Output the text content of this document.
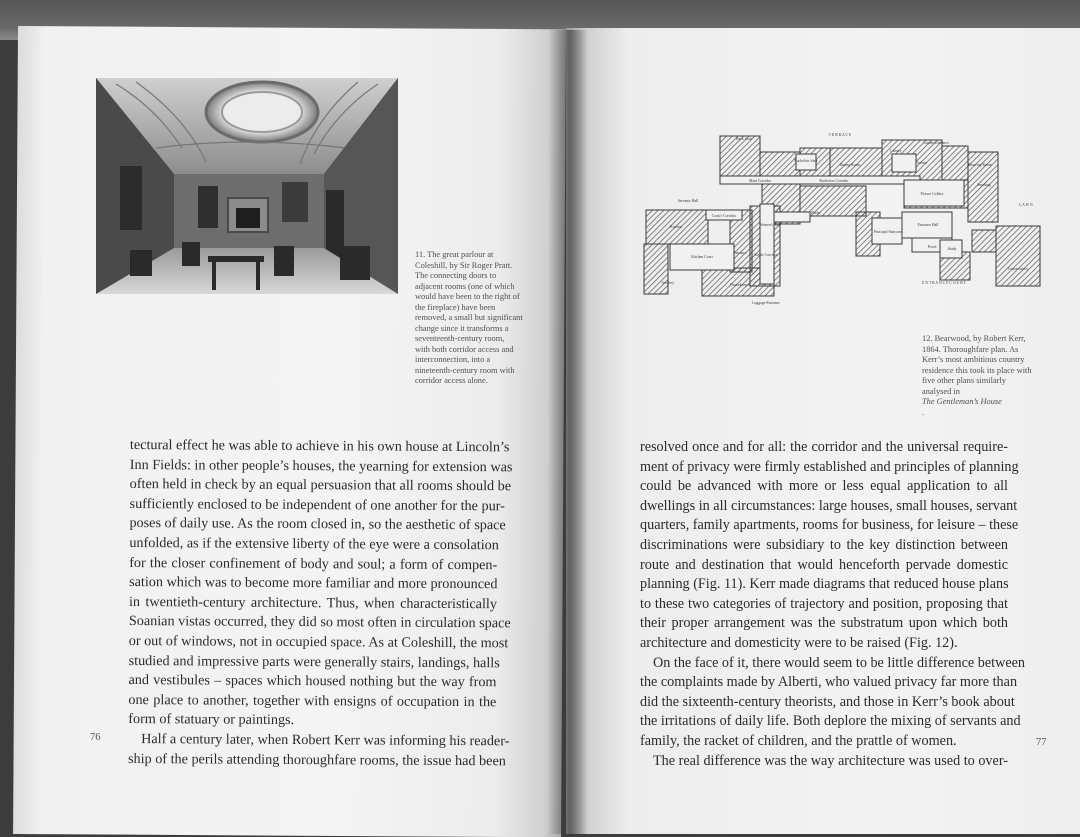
11. The great parlour at
Coleshill, by Sir Roger Pratt.
The connecting doors to
adjacent rooms (one of which
would have been to the right of
the fireplace) have been
removed, a small but significant
change since it transforms a
seventeenth-century room,
with both corridor access and
interconnection, into a
nineteenth-century room with
corridor access alone.
T E R R A C E
L A W N
E N T R A N C E C O U R T
Back Stair
Garden Entrance
Main Corridor	Bachelors Corridor
Bachelors Stair
Dining Room
Library
Saloon	Drawing Room
Picture Gallery
Entrance Hall
Principal Staircase
Porch	Study
Conservatory
Cook's Corridor
Butler
Women's Stair
Kitchen Court
Kitchen
Scullery
Entrance
Luggage Entrance
Stable Corridor
Servants Hall
Housekeeper
Smoking
12. Bearwood, by Robert Kerr,
1864. Thoroughfare plan. As
Kerr’s most ambitious country
residence this took its place with
five other plans similarly
analysed in
The Gentleman’s House
.
tectural effect he was able to achieve in his own house at Lincoln’s
Inn Fields: in other people’s houses, the yearning for extension was
often held in check by an equal persuasion that all rooms should be
sufficiently enclosed to be independent of one another for the pur-
poses of daily use. As the room closed in, so the aesthetic of space
unfolded, as if the extensive liberty of the eye were a consolation
for the closer confinement of body and soul; a form of compen-
sation which was to become more familiar and more pronounced
in twentieth-century architecture. Thus, when characteristically
Soanian vistas occurred, they did so most often in circulation space
or out of windows, not in occupied space. As at Coleshill, the most
studied and impressive parts were generally stairs, landings, halls
and vestibules – spaces which housed nothing but the way from
one place to another, together with ensigns of occupation in the
form of statuary or paintings.
Half a century later, when Robert Kerr was informing his reader-
ship of the perils attending thoroughfare rooms, the issue had been
76
resolved once and for all: the corridor and the universal require-
ment of privacy were firmly established and principles of planning
could be advanced with more or less equal application to all
dwellings in all circumstances: large houses, small houses, servant
quarters, family apartments, rooms for business, for leisure – these
discriminations were subsidiary to the key distinction between
route and destination that would henceforth pervade domestic
planning (Fig. 11). Kerr made diagrams that reduced house plans
to these two categories of trajectory and position, proposing that
their proper arrangement was the substratum upon which both
architecture and domesticity were to be raised (Fig. 12).
On the face of it, there would seem to be little difference between
the complaints made by Alberti, who valued privacy far more than
did the sixteenth-century theorists, and those in Kerr’s book about
the irritations of daily life. Both deplore the mixing of servants and
family, the racket of children, and the prattle of women.
The real difference was the way architecture was used to over-
77
